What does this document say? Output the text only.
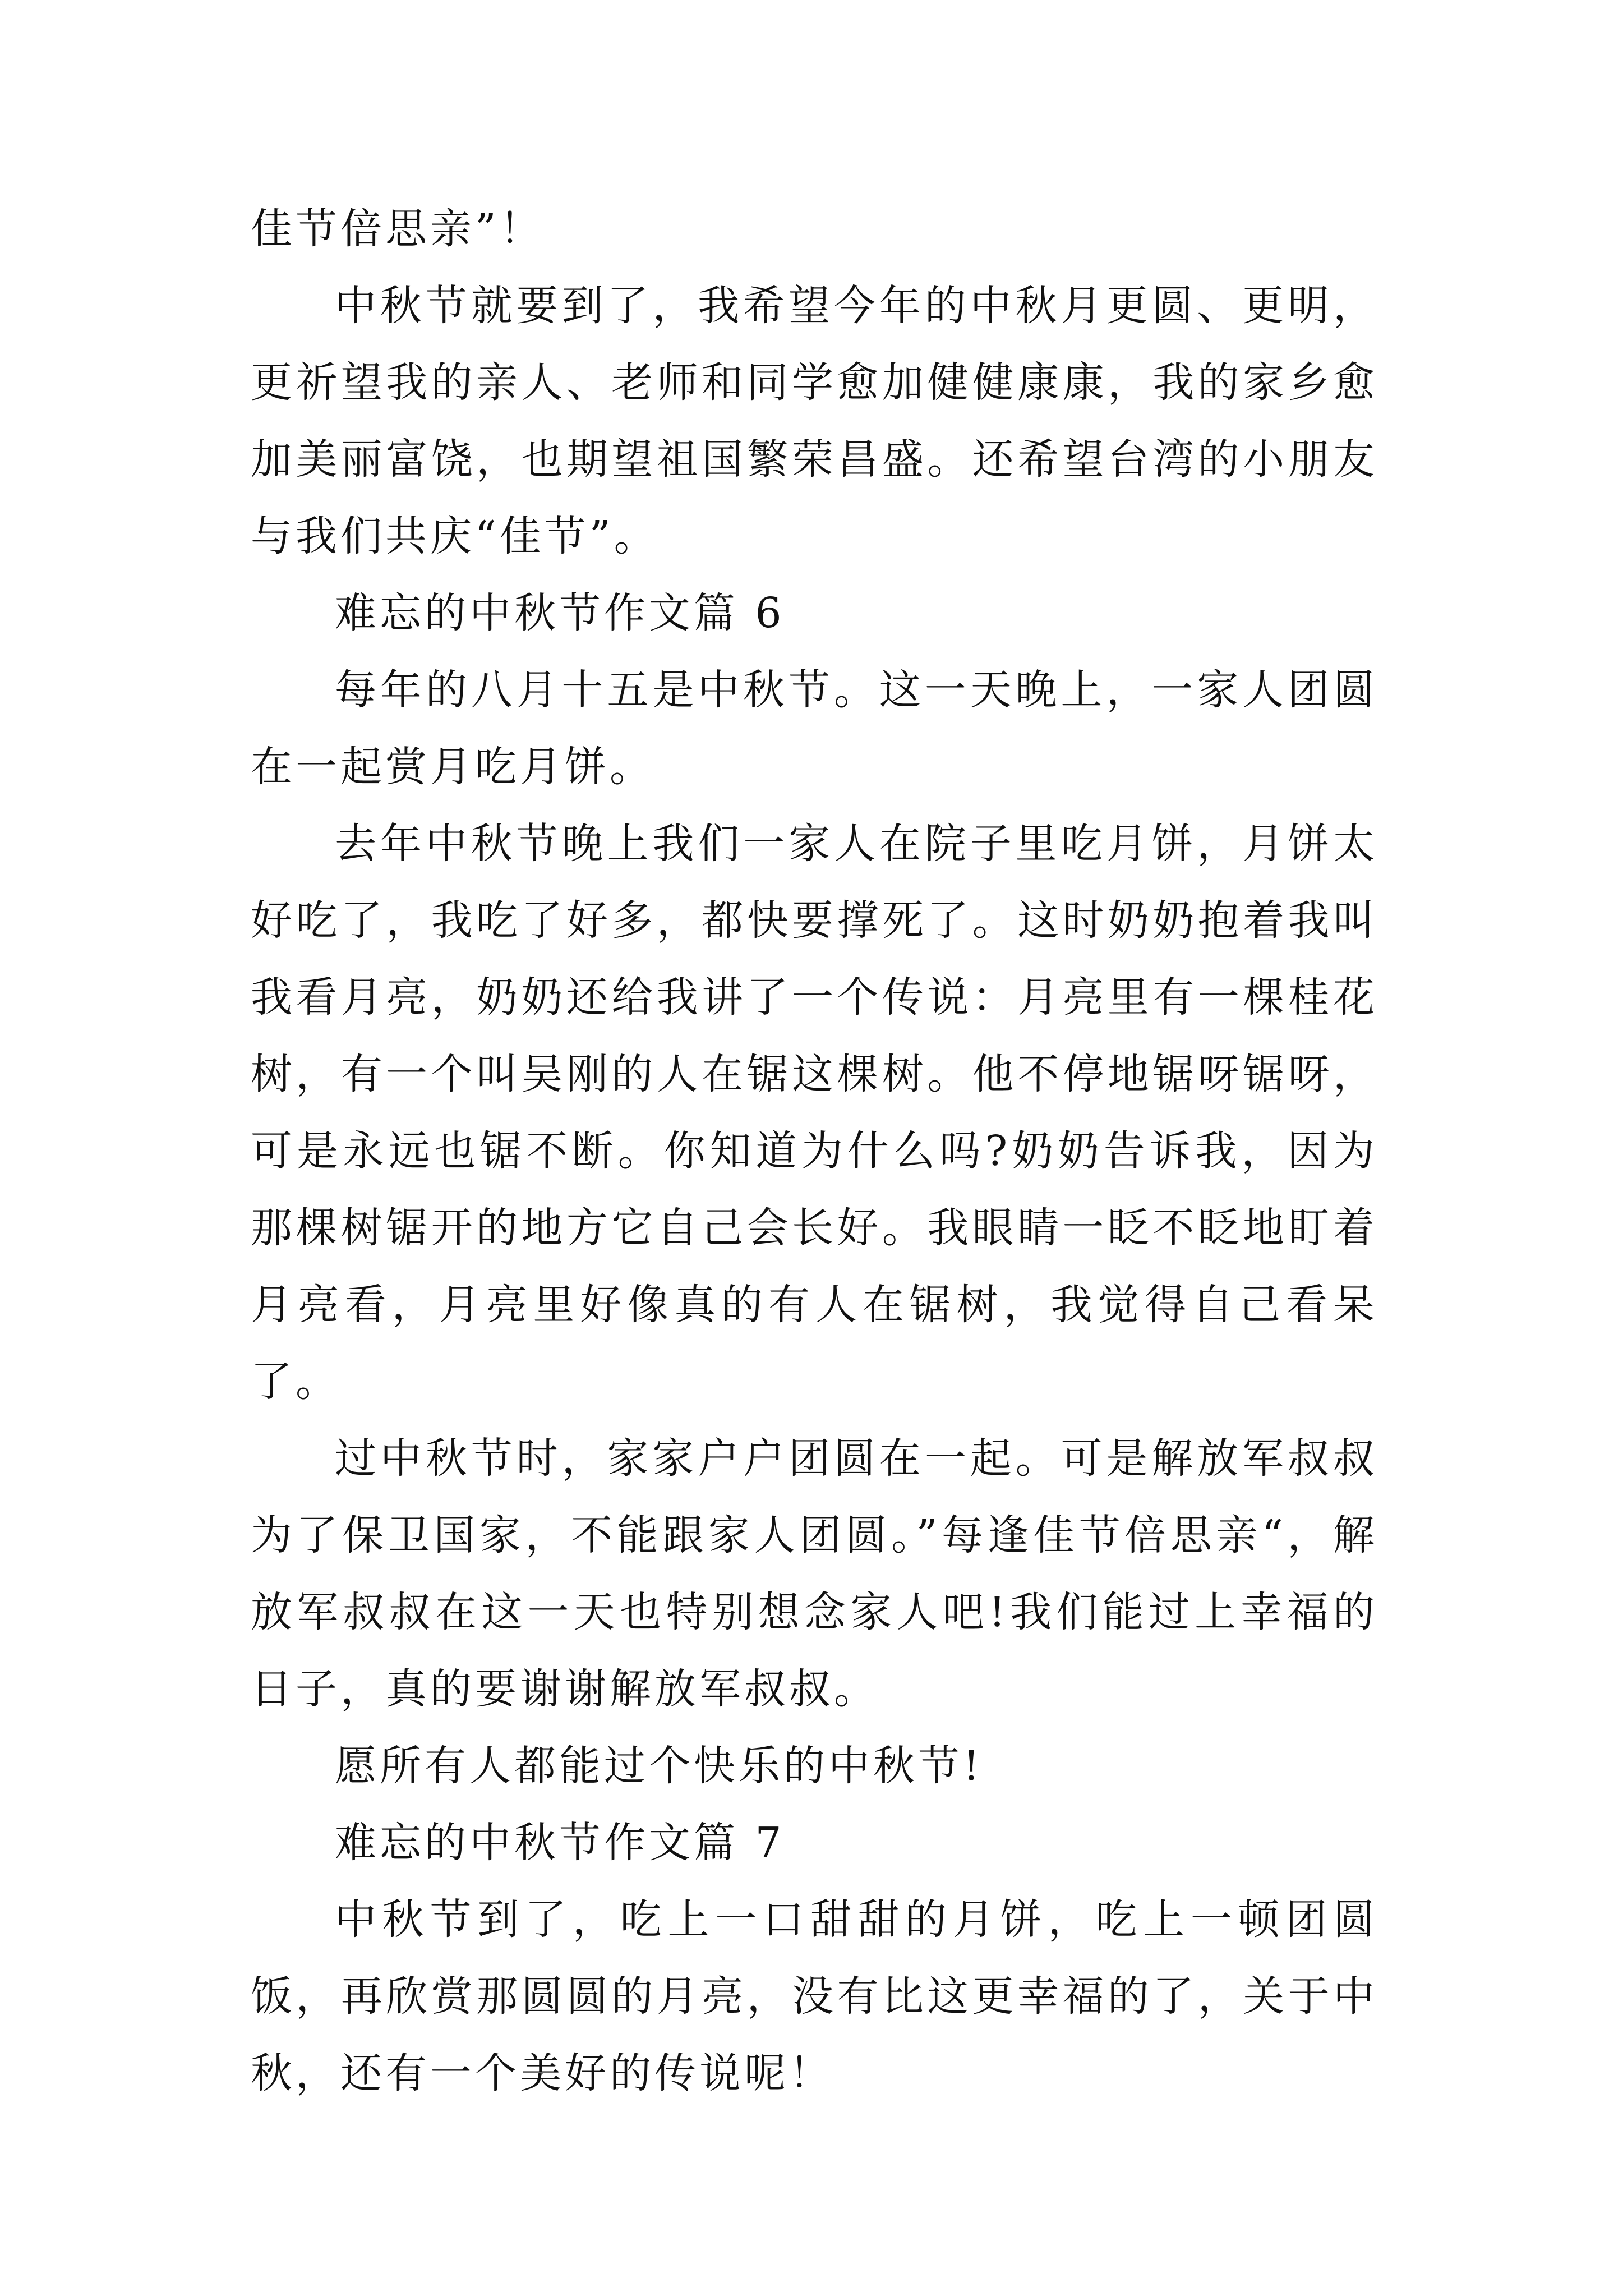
佳节倍思亲”！

中秋节就要到了，我希望今年的中秋月更圆、更明，更祈望我的亲人、老师和同学愈加健健康康，我的家乡愈加美丽富饶，也期望祖国繁荣昌盛。还希望台湾的小朋友与我们共庆“佳节”。

难忘的中秋节作文篇 6

每年的八月十五是中秋节。这一天晚上，一家人团圆在一起赏月吃月饼。

去年中秋节晚上我们一家人在院子里吃月饼，月饼太好吃了，我吃了好多，都快要撑死了。这时奶奶抱着我叫我看月亮，奶奶还给我讲了一个传说：月亮里有一棵桂花树，有一个叫吴刚的人在锯这棵树。他不停地锯呀锯呀，可是永远也锯不断。你知道为什么吗?奶奶告诉我，因为那棵树锯开的地方它自己会长好。我眼睛一眨不眨地盯着月亮看，月亮里好像真的有人在锯树，我觉得自己看呆了。

过中秋节时，家家户户团圆在一起。可是解放军叔叔为了保卫国家，不能跟家人团圆。”每逢佳节倍思亲“，解放军叔叔在这一天也特别想念家人吧!我们能过上幸福的日子，真的要谢谢解放军叔叔。

愿所有人都能过个快乐的中秋节!

难忘的中秋节作文篇 7

中秋节到了，吃上一口甜甜的月饼，吃上一顿团圆饭，再欣赏那圆圆的月亮，没有比这更幸福的了，关于中秋，还有一个美好的传说呢！
